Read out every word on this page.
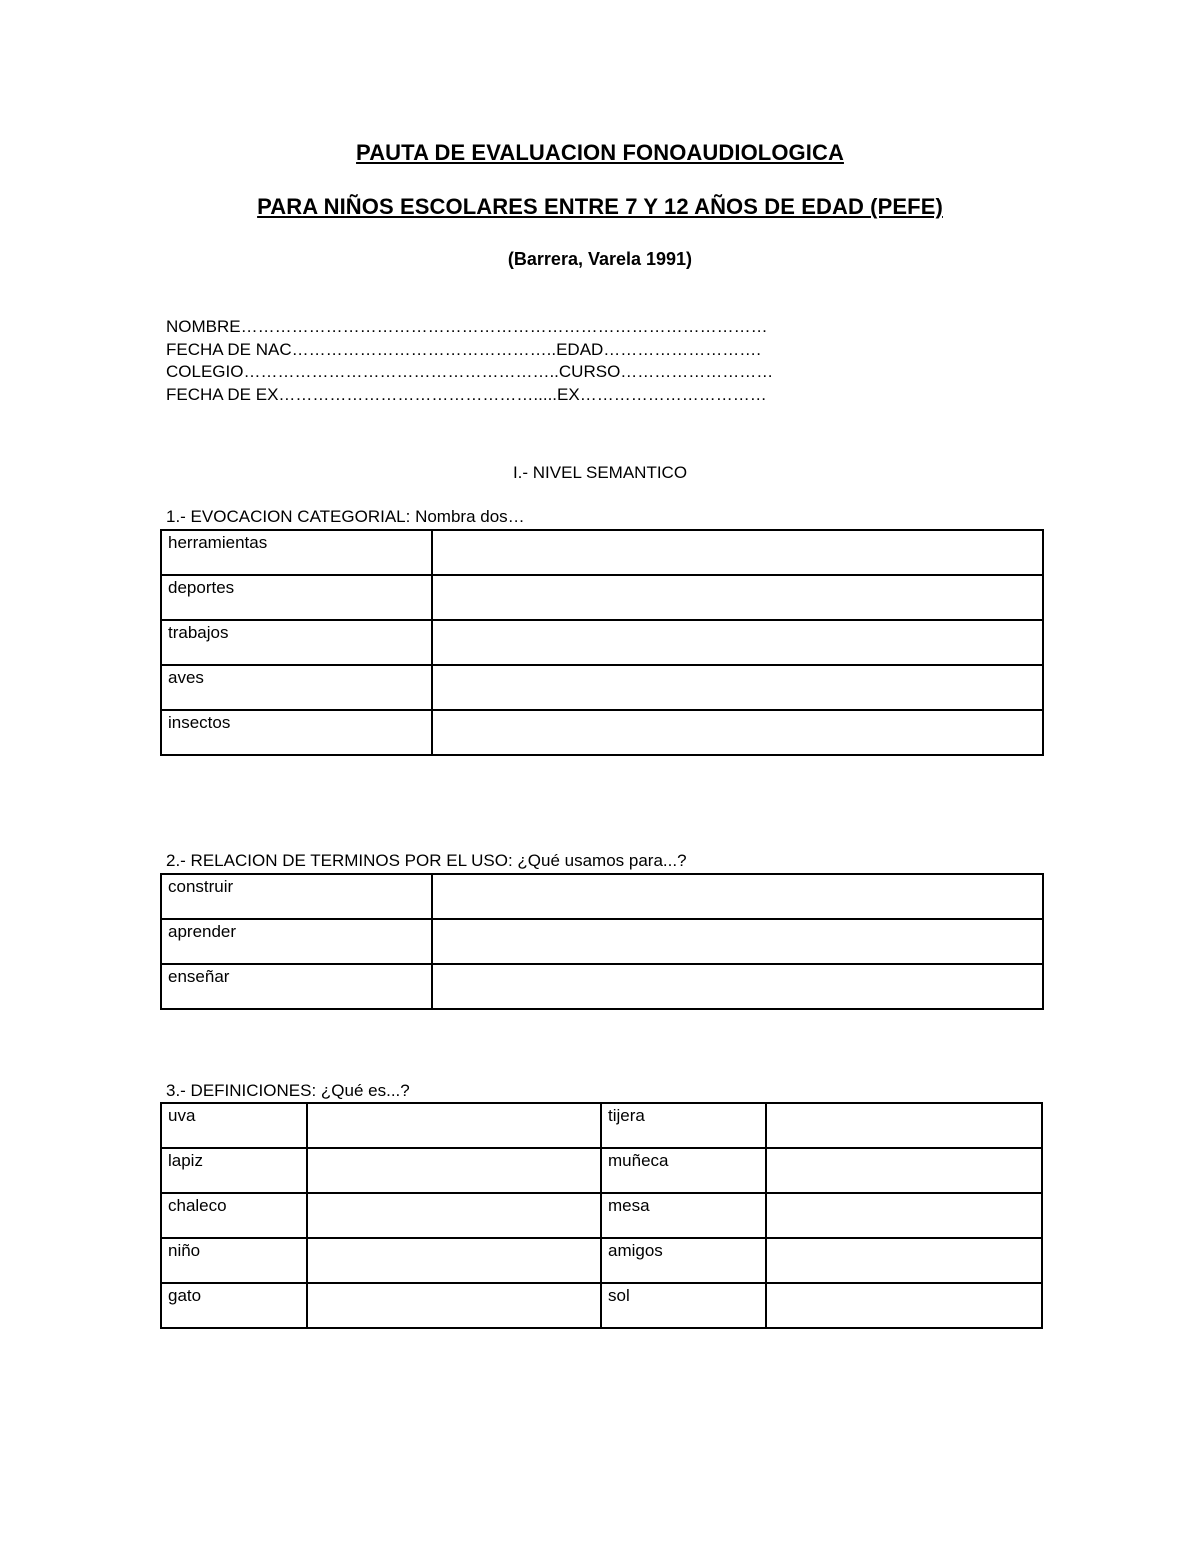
PAUTA DE EVALUACION FONOAUDIOLOGICA
PARA NIÑOS ESCOLARES ENTRE 7 Y 12 AÑOS DE EDAD (PEFE)
(Barrera, Varela 1991)
NOMBRE…………………………………………………………………………………
FECHA DE NAC………………………………………..EDAD……………………….
COLEGIO………………………………………………..CURSO………………………
FECHA DE EX……………………………………….....EX……………………………
I.- NIVEL SEMANTICO
1.- EVOCACION CATEGORIAL: Nombra dos…
herramientas	
deportes	
trabajos	
aves	
insectos	
2.- RELACION DE TERMINOS POR EL USO: ¿Qué usamos para...?
construir	
aprender	
enseñar	
3.- DEFINICIONES: ¿Qué es...?
uva		tijera	
lapiz		muñeca	
chaleco		mesa	
niño		amigos	
gato		sol	
